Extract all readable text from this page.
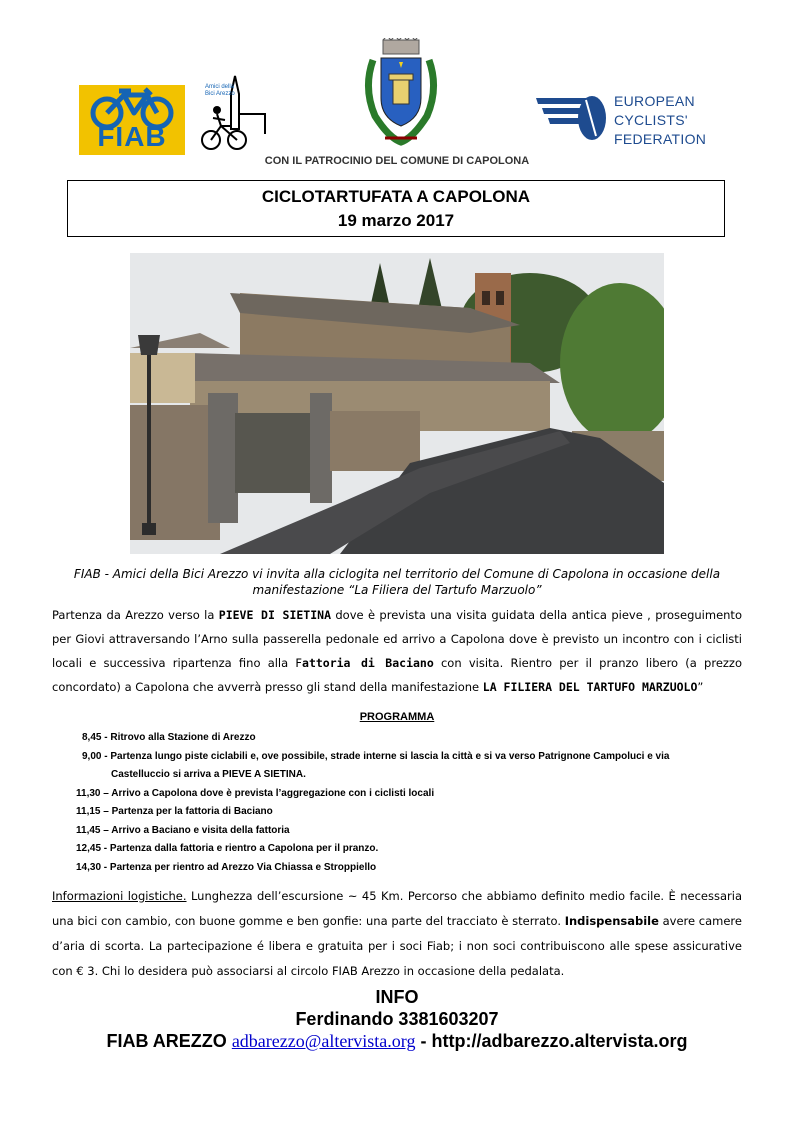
FIAB
Amici della Bici Arezzo	EUROPEAN
CYCLISTS'
FEDERATION
CON IL PATROCINIO DEL COMUNE DI CAPOLONA
CICLOTARTUFATA A CAPOLONA
19 marzo 2017
FIAB - Amici della Bici Arezzo vi invita alla ciclogita nel territorio del Comune di Capolona in occasione della manifestazione “La Filiera del Tartufo Marzuolo”
Partenza da Arezzo verso la PIEVE DI SIETINA dove è prevista una visita guidata della antica pieve , proseguimento per Giovi attraversando l’Arno sulla passerella pedonale ed arrivo a Capolona dove è previsto un incontro con i ciclisti locali e successiva ripartenza fino alla Fattoria di Baciano con visita. Rientro per il pranzo libero (a prezzo concordato) a Capolona che avverrà presso gli stand della manifestazione LA FILIERA DEL TARTUFO MARZUOLO”
PROGRAMMA
8,45 - Ritrovo alla Stazione di Arezzo
9,00 - Partenza lungo piste ciclabili e, ove possibile, strade interne si lascia la città e si va verso Patrignone Campoluci e via
Castelluccio si arriva a PIEVE A SIETINA.
11,30 – Arrivo a Capolona dove è prevista l’aggregazione con i ciclisti locali
11,15 – Partenza per la fattoria di Baciano
11,45 – Arrivo a Baciano e visita della fattoria
12,45 - Partenza dalla fattoria e rientro a Capolona per il pranzo.
14,30 - Partenza per rientro ad Arezzo Via Chiassa e Stroppiello
Informazioni logistiche. Lunghezza dell’escursione ~ 45 Km. Percorso che abbiamo definito medio facile. È necessaria una bici con cambio, con buone gomme e ben gonfie: una parte del tracciato è sterrato. Indispensabile avere camere d’aria di scorta. La partecipazione é libera e gratuita per i soci Fiab; i non soci contribuiscono alle spese assicurative con € 3. Chi lo desidera può associarsi al circolo FIAB Arezzo in occasione della pedalata.
INFO
Ferdinando 3381603207
FIAB AREZZO adbarezzo@altervista.org - http://adbarezzo.altervista.org
